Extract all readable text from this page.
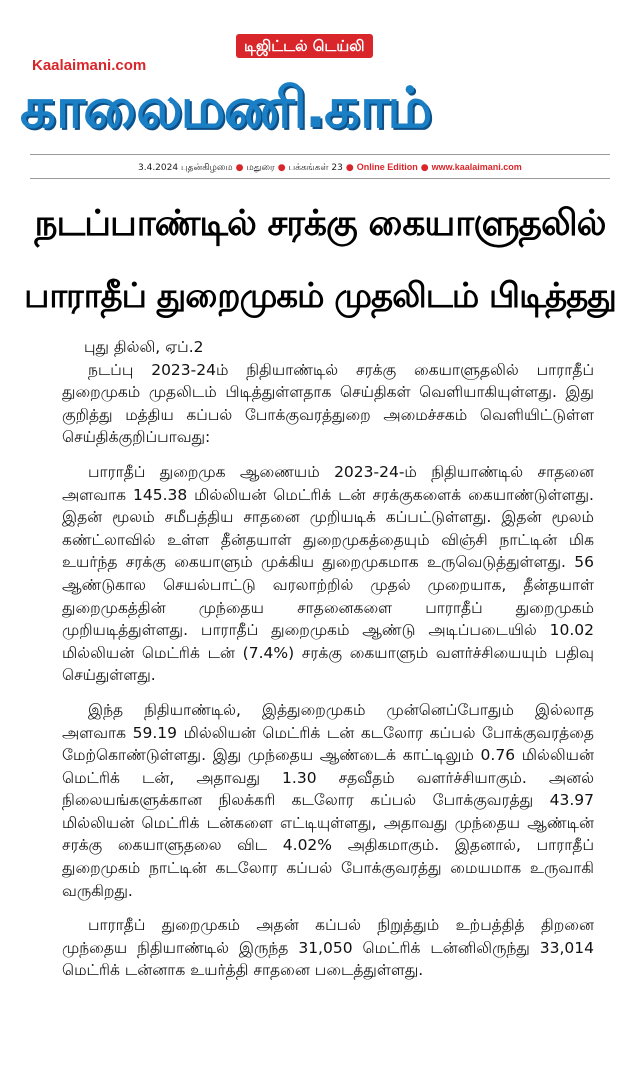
டிஜிட்டல் டெய்லி
Kaalaimani.com
காலைமணி.காம்
3.4.2024 புதன்கிழமை ● மதுரை ● பக்கங்கள் 23 ● Online Edition ● www.kaalaimani.com
நடப்பாண்டில் சரக்கு கையாளுதலில்
பாராதீப் துறைமுகம் முதலிடம் பிடித்தது

புது தில்லி, ஏப்.2

நடப்பு 2023-24ம் நிதியாண்டில் சரக்கு கையாளுதலில் பாராதீப் துறைமுகம் முதலிடம் பிடித்துள்ளதாக செய்திகள் வெளியாகியுள்ளது. இது குறித்து மத்திய கப்பல் போக்குவரத்துறை அமைச்சகம் வெளியிட்டுள்ள செய்திக்குறிப்பாவது:

பாராதீப் துறைமுக ஆணையம் 2023-24-ம் நிதியாண்டில் சாதனை அளவாக 145.38 மில்லியன் மெட்ரிக் டன் சரக்குகளைக் கையாண்டுள்ளது. இதன் மூலம் சமீபத்திய சாதனை முறியடிக் கப்பட்டுள்ளது. இதன் மூலம் கண்ட்லாவில் உள்ள தீன்தயாள் துறைமுகத்தையும் விஞ்சி நாட்டின் மிக உயர்ந்த சரக்கு கையாளும் முக்கிய துறைமுகமாக உருவெடுத்துள்ளது. 56 ஆண்டுகால செயல்பாட்டு வரலாற்றில் முதல் முறையாக, தீன்தயாள் துறைமுகத்தின் முந்தைய சாதனைகளை பாராதீப் துறைமுகம் முறியடித்துள்ளது. பாராதீப் துறைமுகம் ஆண்டு அடிப்படையில் 10.02 மில்லியன் மெட்ரிக் டன் (7.4%) சரக்கு கையாளும் வளர்ச்சியையும் பதிவு செய்துள்ளது.

இந்த நிதியாண்டில், இத்துறைமுகம் முன்னெப்போதும் இல்லாத அளவாக 59.19 மில்லியன் மெட்ரிக் டன் கடலோர கப்பல் போக்குவரத்தை மேற்கொண்டுள்ளது. இது முந்தைய ஆண்டைக் காட்டிலும் 0.76 மில்லியன் மெட்ரிக் டன், அதாவது 1.30 சதவீதம் வளர்ச்சியாகும். அனல் நிலையங்களுக்கான நிலக்கரி கடலோர கப்பல் போக்குவரத்து 43.97 மில்லியன் மெட்ரிக் டன்களை எட்டியுள்ளது, அதாவது முந்தைய ஆண்டின் சரக்கு கையாளுதலை விட 4.02% அதிகமாகும். இதனால், பாராதீப் துறைமுகம் நாட்டின் கடலோர கப்பல் போக்குவரத்து மையமாக உருவாகி வருகிறது.

பாராதீப் துறைமுகம் அதன் கப்பல் நிறுத்தும் உற்பத்தித் திறனை முந்தைய நிதியாண்டில் இருந்த 31,050 மெட்ரிக் டன்னிலிருந்து 33,014 மெட்ரிக் டன்னாக உயர்த்தி சாதனை படைத்துள்ளது.
